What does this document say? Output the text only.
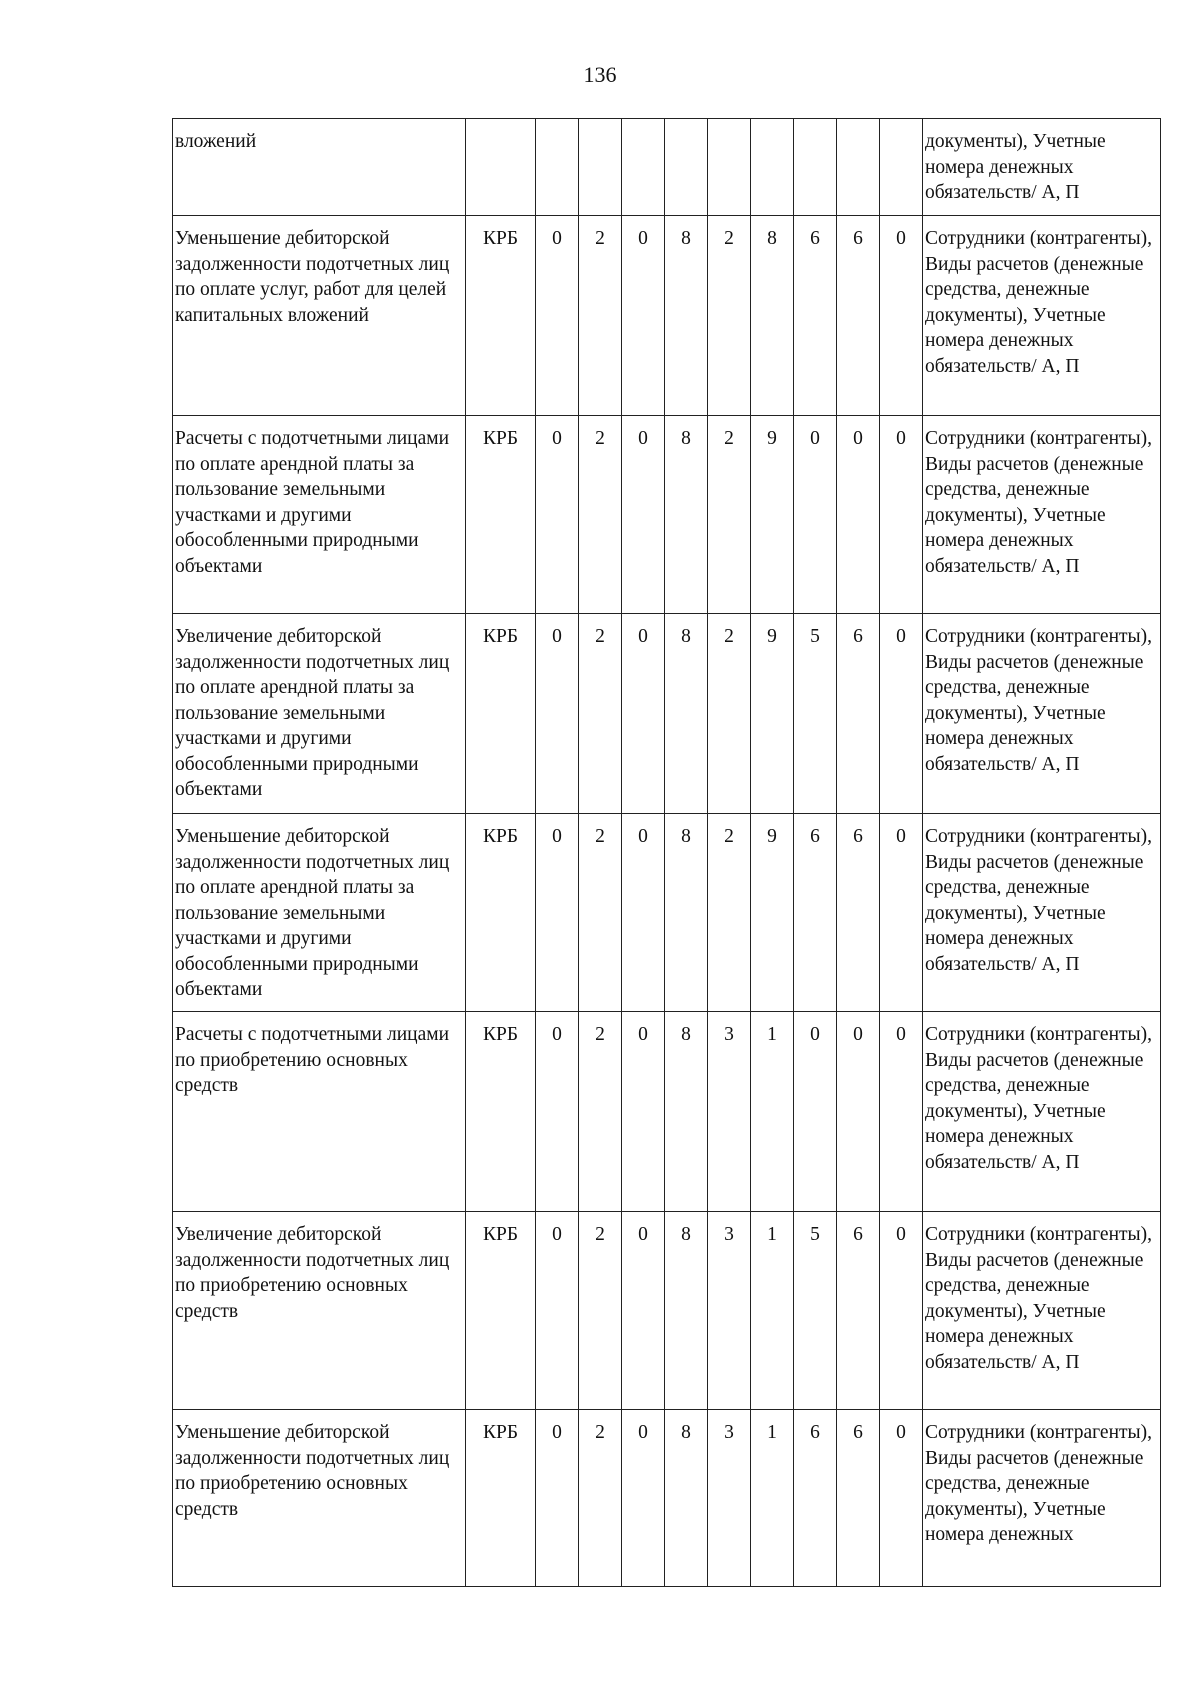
136
вложений											документы), Учетные номера денежных обязательств/ А, П
Уменьшение дебиторской задолженности подотчетных лиц по оплате услуг, работ для целей капитальных вложений	КРБ	0	2	0	8	2	8	6	6	0	Сотрудники (контрагенты), Виды расчетов (денежные средства, денежные документы), Учетные номера денежных обязательств/ А, П
Расчеты с подотчетными лицами по оплате арендной платы за пользование земельными участками и другими обособленными природными объектами	КРБ	0	2	0	8	2	9	0	0	0	Сотрудники (контрагенты), Виды расчетов (денежные средства, денежные документы), Учетные номера денежных обязательств/ А, П
Увеличение дебиторской задолженности подотчетных лиц по оплате арендной платы за пользование земельными участками и другими обособленными природными объектами	КРБ	0	2	0	8	2	9	5	6	0	Сотрудники (контрагенты), Виды расчетов (денежные средства, денежные документы), Учетные номера денежных обязательств/ А, П
Уменьшение дебиторской задолженности подотчетных лиц по оплате арендной платы за пользование земельными участками и другими обособленными природными объектами	КРБ	0	2	0	8	2	9	6	6	0	Сотрудники (контрагенты), Виды расчетов (денежные средства, денежные документы), Учетные номера денежных обязательств/ А, П
Расчеты с подотчетными лицами по приобретению основных средств	КРБ	0	2	0	8	3	1	0	0	0	Сотрудники (контрагенты), Виды расчетов (денежные средства, денежные документы), Учетные номера денежных обязательств/ А, П
Увеличение дебиторской задолженности подотчетных лиц по приобретению основных средств	КРБ	0	2	0	8	3	1	5	6	0	Сотрудники (контрагенты), Виды расчетов (денежные средства, денежные документы), Учетные номера денежных обязательств/ А, П
Уменьшение дебиторской задолженности подотчетных лиц по приобретению основных средств	КРБ	0	2	0	8	3	1	6	6	0	Сотрудники (контрагенты), Виды расчетов (денежные средства, денежные документы), Учетные номера денежных
